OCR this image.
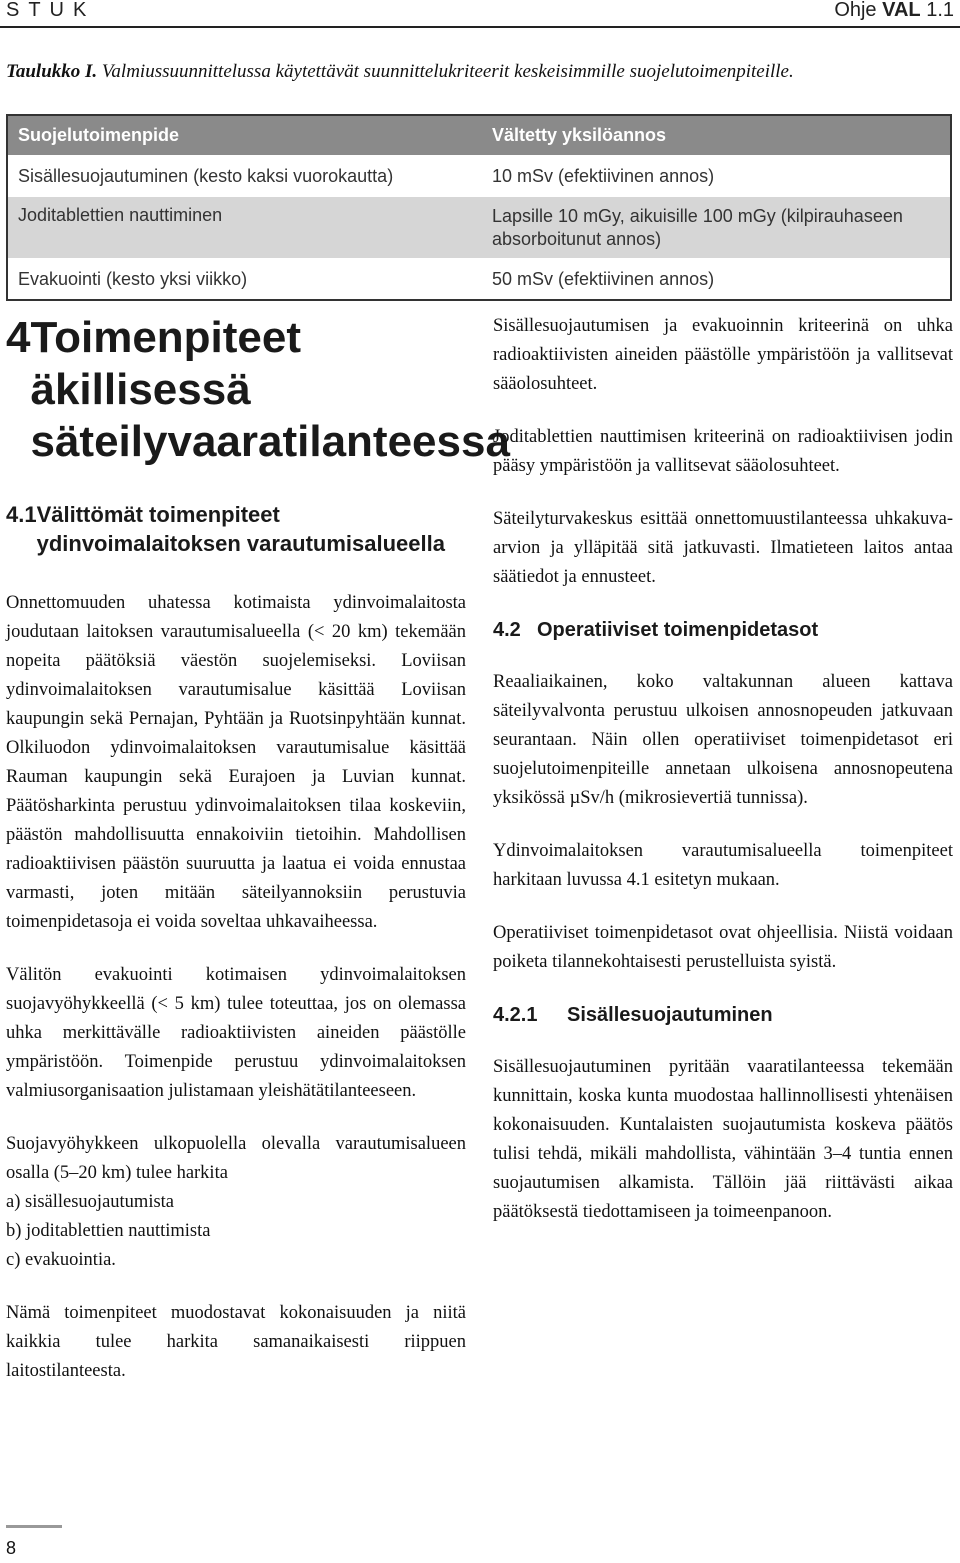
STUK	Ohje VAL 1.1
Taulukko I. Valmiussuunnittelussa käytettävät suunnittelukriteerit keskeisimmille suojelutoimenpiteille.
Suojelutoimenpide	Vältetty yksilöannos
Sisällesuojautuminen (kesto kaksi vuorokautta)	10 mSv (efektiivinen annos)
Joditablettien nauttiminen	Lapsille 10 mGy, aikuisille 100 mGy (kilpirauhaseen absorboitunut annos)
Evakuointi (kesto yksi viikko)	50 mSv (efektiivinen annos)
4 Toimenpiteet äkillisessä säteilyvaaratilanteessa
4.1 Välittömät toimenpiteet ydinvoimalaitoksen varautumisalueella

Onnettomuuden uhatessa kotimaista ydinvoimalaitosta joudutaan laitoksen varautumisalueella (< 20 km) tekemään nopeita päätöksiä väestön suojelemiseksi. Loviisan ydinvoimalaitoksen varautumisalue käsittää Loviisan kaupungin sekä Pernajan, Pyhtään ja Ruotsinpyhtään kunnat. Olkiluodon ydinvoimalaitoksen varautumisalue käsittää Rauman kaupungin sekä Eurajoen ja Luvian kunnat. Päätösharkinta perustuu ydinvoimalaitoksen tilaa koskeviin, päästön mahdollisuutta ennakoiviin tietoihin. Mahdollisen radioaktiivisen päästön suuruutta ja laatua ei voida ennustaa varmasti, joten mitään säteilyannoksiin perustuvia toimenpidetasoja ei voida soveltaa uhkavaiheessa.

Välitön evakuointi kotimaisen ydinvoimalaitoksen suojavyöhykkeellä (< 5 km) tulee toteuttaa, jos on olemassa uhka merkittävälle radioaktiivisten aineiden päästölle ympäristöön. Toimenpide perustuu ydinvoimalaitoksen valmiusorganisaation julistamaan yleishätätilanteeseen.

Suojavyöhykkeen ulkopuolella olevalla varautumisalueen osalla (5–20 km) tulee harkita

a) sisällesuojautumista
b) joditablettien nauttimista
c) evakuointia.

Nämä toimenpiteet muodostavat kokonaisuuden ja niitä kaikkia tulee harkita samanaikaisesti riippuen laitostilanteesta.

Sisällesuojautumisen ja evakuoinnin kriteerinä on uhka radioaktiivisten aineiden päästölle ympäristöön ja vallitsevat sääolosuhteet.

Joditablettien nauttimisen kriteerinä on radioaktiivisen jodin pääsy ympäristöön ja vallitsevat sääolosuhteet.

Säteilyturvakeskus esittää onnettomuustilanteessa uhkakuva-arvion ja ylläpitää sitä jatkuvasti. Ilmatieteen laitos antaa säätiedot ja ennusteet.

4.2 Operatiiviset toimenpidetasot

Reaaliaikainen, koko valtakunnan alueen kattava säteilyvalvonta perustuu ulkoisen annosnopeuden jatkuvaan seurantaan. Näin ollen operatiiviset toimenpidetasot eri suojelutoimenpiteille annetaan ulkoisena annosnopeutena yksikössä µSv/h (mikrosievertiä tunnissa).

Ydinvoimalaitoksen varautumisalueella toimenpiteet harkitaan luvussa 4.1 esitetyn mukaan.

Operatiiviset toimenpidetasot ovat ohjeellisia. Niistä voidaan poiketa tilannekohtaisesti perustelluista syistä.

4.2.1	Sisällesuojautuminen

Sisällesuojautuminen pyritään vaaratilanteessa tekemään kunnittain, koska kunta muodostaa hallinnollisesti yhtenäisen kokonaisuuden. Kuntalaisten suojautumista koskeva päätös tulisi tehdä, mikäli mahdollista, vähintään 3–4 tuntia ennen suojautumisen alkamista. Tällöin jää riittävästi aikaa päätöksestä tiedottamiseen ja toimeenpanoon.

8
